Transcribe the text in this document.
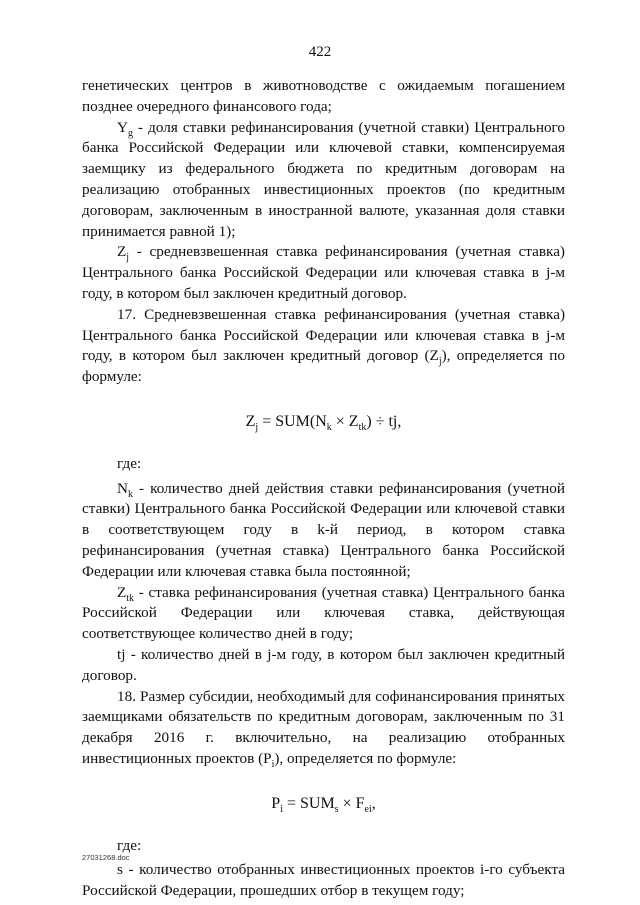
422

генетических центров в животноводстве с ожидаемым погашением позднее очередного финансового года;

$Y_g$ - доля ставки рефинансирования (учетной ставки) Центрального банка Российской Федерации или ключевой ставки, компенсируемая заемщику из федерального бюджета по кредитным договорам на реализацию отобранных инвестиционных проектов (по кредитным договорам, заключенным в иностранной валюте, указанная доля ставки принимается равной 1);

$Z_j$ - средневзвешенная ставка рефинансирования (учетная ставка) Центрального банка Российской Федерации или ключевая ставка в j-м году, в котором был заключен кредитный договор.

17. Средневзвешенная ставка рефинансирования (учетная ставка) Центрального банка Российской Федерации или ключевая ставка в j-м году, в котором был заключен кредитный договор $(Z_j)$, определяется по формуле:

$Z_j = SUM(N_k \times Z_{tk})$ ÷ tj,

где:

$N_k$ - количество дней действия ставки рефинансирования (учетной ставки) Центрального банка Российской Федерации или ключевой ставки в соответствующем году в k-й период, в котором ставка рефинансирования (учетная ставка) Центрального банка Российской Федерации или ключевая ставка была постоянной;

$Z_{tk}$ - ставка рефинансирования (учетная ставка) Центрального банка Российской Федерации или ключевая ставка, действующая соответствующее количество дней в году;

tj - количество дней в j-м году, в котором был заключен кредитный договор.

18. Размер субсидии, необходимый для софинансирования принятых заемщиками обязательств по кредитным договорам, заключенным по 31 декабря 2016 г. включительно, на реализацию отобранных инвестиционных проектов $(P_i)$, определяется по формуле:

$P_i = SUM_s \times F_{ei}$,

где:

s - количество отобранных инвестиционных проектов i-го субъекта Российской Федерации, прошедших отбор в текущем году;

27031268.doc
